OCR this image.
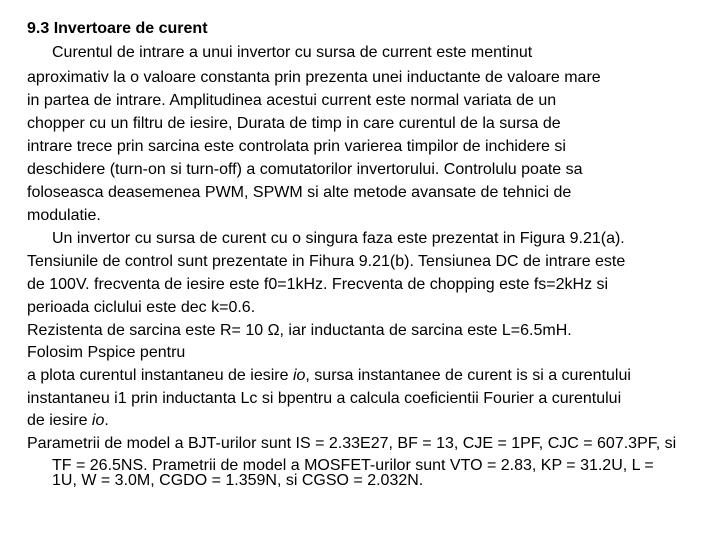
9.3 Invertoare de curent
Curentul de intrare a unui invertor cu sursa de current este mentinut
aproximativ la o valoare constanta prin prezenta unei inductante de valoare mare
in partea de intrare. Amplitudinea acestui current este normal variata de un
chopper cu un filtru de iesire, Durata de timp in care curentul de la sursa de
intrare trece prin sarcina este controlata prin varierea timpilor de inchidere si
deschidere (turn-on si turn-off) a comutatorilor invertorului. Controlulu poate sa
foloseasca deasemenea PWM, SPWM si alte metode avansate de tehnici de
modulatie.
Un invertor cu sursa de curent cu o singura faza este prezentat in Figura 9.21(a).
Tensiunile de control sunt prezentate in Fihura 9.21(b). Tensiunea DC de intrare este
de 100V. frecventa de iesire este f0=1kHz. Frecventa de chopping este fs=2kHz si
perioada ciclului este dec k=0.6.
Rezistenta de sarcina este R= 10 Ω, iar inductanta de sarcina este L=6.5mH.
Folosim Pspice pentru
a plota curentul instantaneu de iesire io, sursa instantanee de curent is si a curentului
instantaneu i1 prin inductanta Lc si bpentru a calcula coeficientii Fourier a curentului
de iesire io.
Parametrii de model a BJT-urilor sunt IS = 2.33E27, BF = 13, CJE = 1PF, CJC = 607.3PF, si
TF = 26.5NS. Prametrii de model a MOSFET-urilor sunt VTO = 2.83, KP = 31.2U, L =
1U, W = 3.0M, CGDO = 1.359N, si CGSO = 2.032N.
